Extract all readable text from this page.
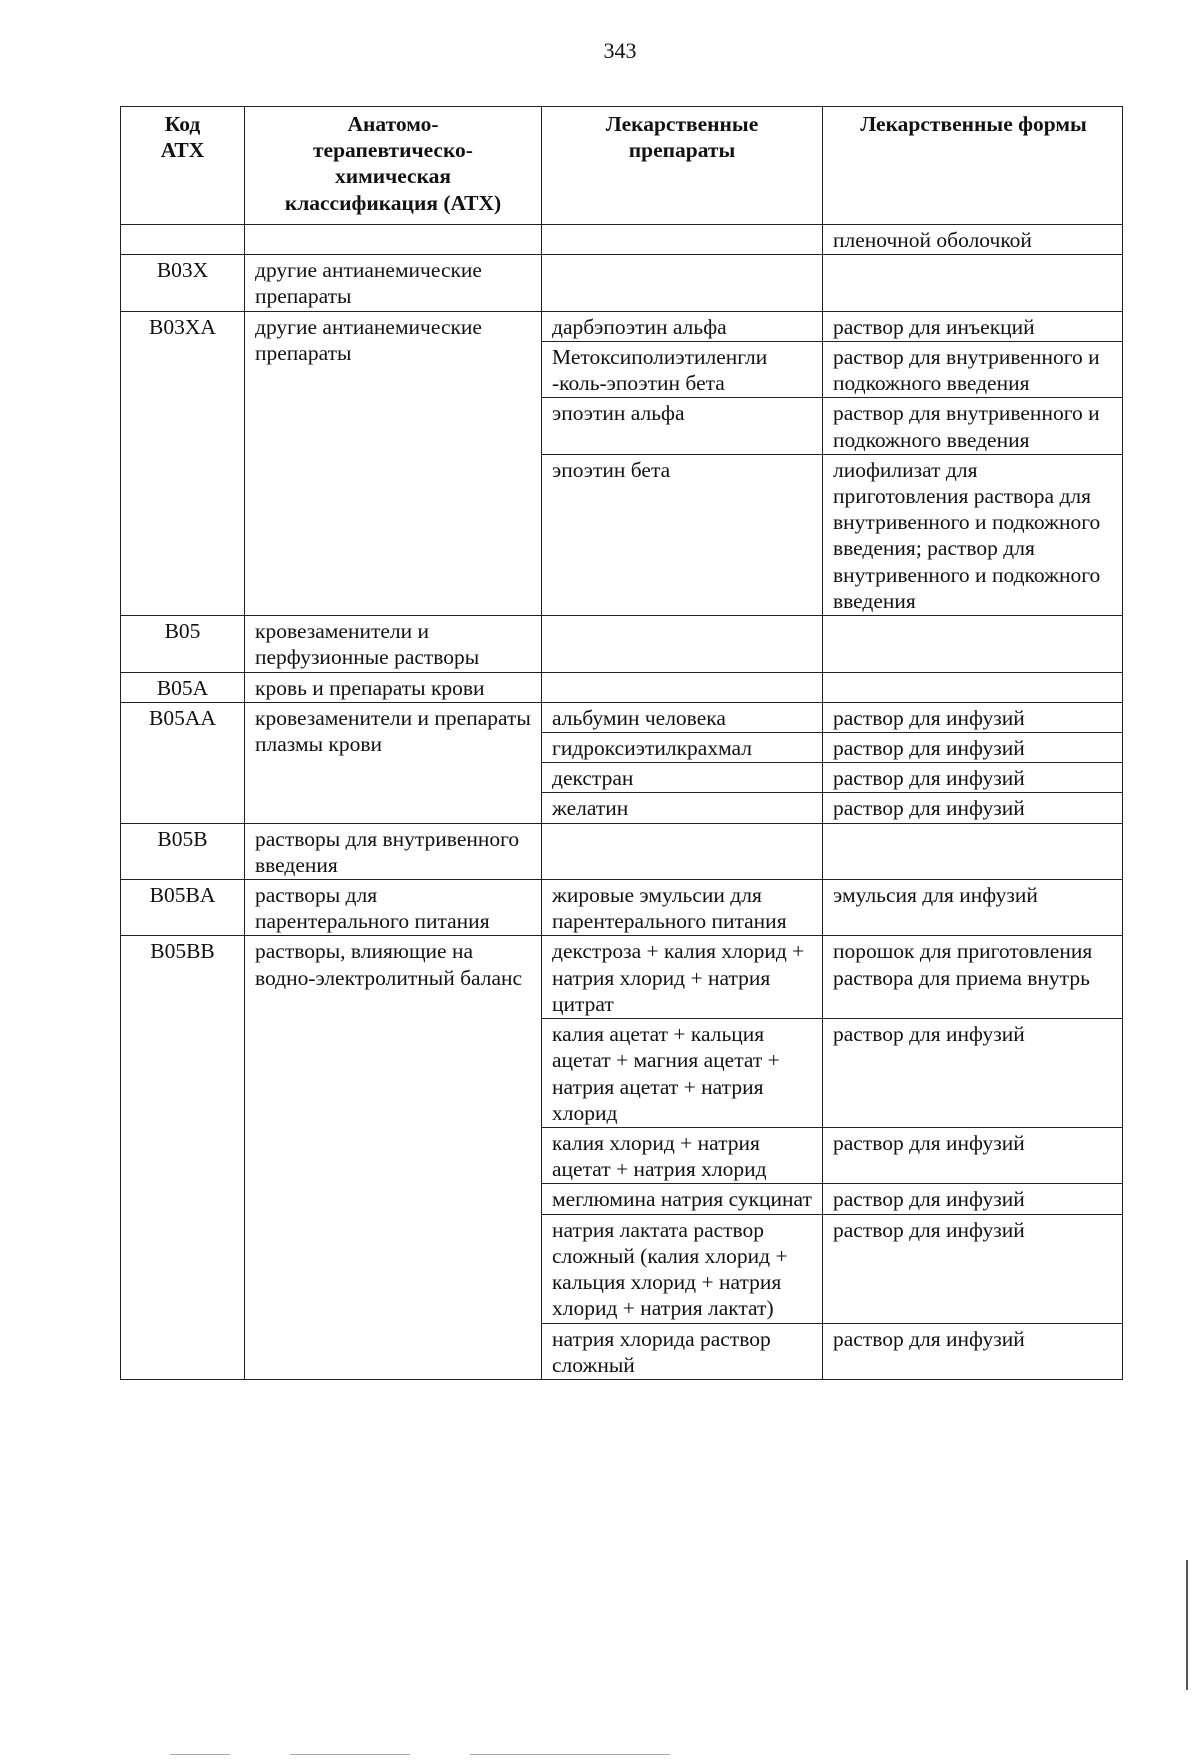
343
Код АТХ	Анатомо-терапевтическо-химическая классификация (АТХ)	Лекарственные препараты	Лекарственные формы
			пленочной оболочкой
B03X	другие антианемические препараты		
B03XA	другие антианемические препараты	дарбэпоэтин альфа	раствор для инъекций
		Метоксиполиэтиленгли -коль-эпоэтин бета	раствор для внутривенного и подкожного введения
		эпоэтин альфа	раствор для внутривенного и подкожного введения
		эпоэтин бета	лиофилизат для приготовления раствора для внутривенного и подкожного введения; раствор для внутривенного и подкожного введения
B05	кровезаменители и перфузионные растворы		
B05A	кровь и препараты крови		
B05AA	кровезаменители и препараты плазмы крови	альбумин человека	раствор для инфузий
		гидроксиэтилкрахмал	раствор для инфузий
		декстран	раствор для инфузий
		желатин	раствор для инфузий
B05B	растворы для внутривенного введения		
B05BA	растворы для парентерального питания	жировые эмульсии для парентерального питания	эмульсия для инфузий
B05BB	растворы, влияющие на водно-электролитный баланс	декстроза + калия хлорид + натрия хлорид + натрия цитрат	порошок для приготовления раствора для приема внутрь
		калия ацетат + кальция ацетат + магния ацетат + натрия ацетат + натрия хлорид	раствор для инфузий
		калия хлорид + натрия ацетат + натрия хлорид	раствор для инфузий
		меглюмина натрия сукцинат	раствор для инфузий
		натрия лактата раствор сложный (калия хлорид + кальция хлорид + натрия хлорид + натрия лактат)	раствор для инфузий
		натрия хлорида раствор сложный	раствор для инфузий
